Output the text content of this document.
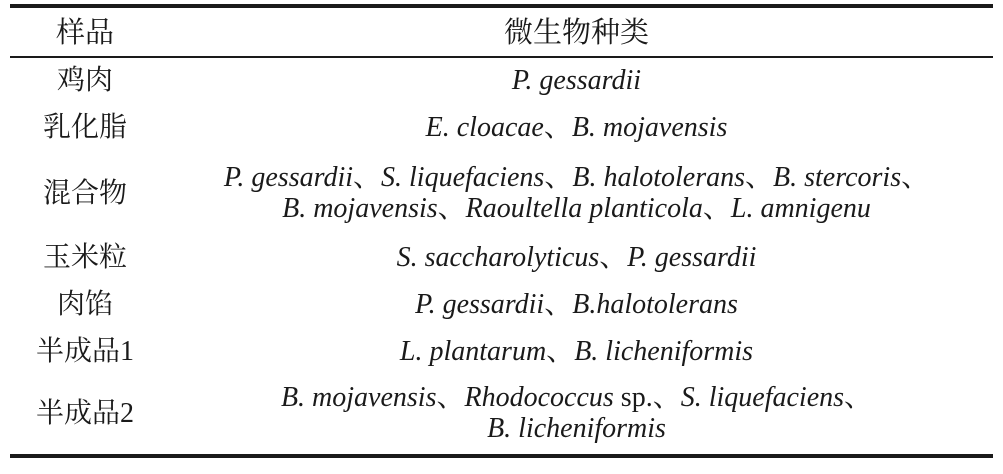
样品	微生物种类
鸡肉	P. gessardii
乳化脂	E. cloacae、B. mojavensis
混合物	P. gessardii、S. liquefaciens、B. halotolerans、B. stercoris、
B. mojavensis、Raoultella planticola、L. amnigenu
玉米粒	S. saccharolyticus、P. gessardii
肉馅	P. gessardii、B.halotolerans
半成品1	L. plantarum、B. licheniformis
半成品2	B. mojavensis、Rhodococcus sp.、S. liquefaciens、
B. licheniformis
